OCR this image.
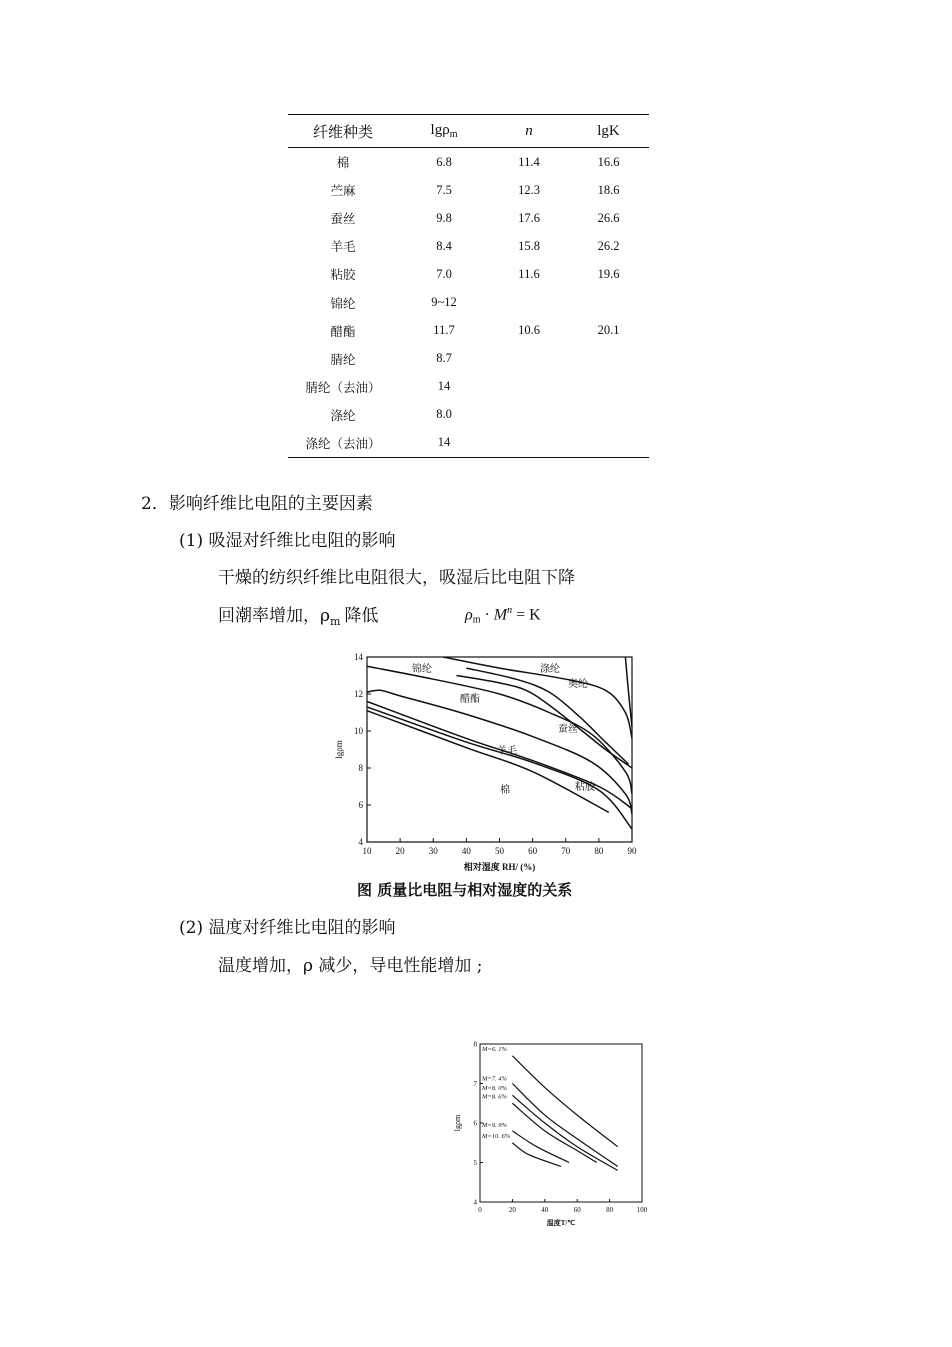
纤维种类	lgρ$_m$	n	lgK
棉	6.8	11.4	16.6
苎麻	7.5	12.3	18.6
蚕丝	9.8	17.6	26.6
羊毛	8.4	15.8	26.2
粘胶	7.0	11.6	19.6
锦纶	9~12		
醋酯	11.7	10.6	20.1
腈纶	8.7		
腈纶（去油）	14		
涤纶	8.0		
涤纶（去油）	14		
2．影响纤维比电阻的主要因素
(1) 吸湿对纤维比电阻的影响
干燥的纺织纤维比电阻很大，吸湿后比电阻下降
回潮率增加，$\rho_m$ 降低	$\rho m \cdot M^n = K$
10	20	30	40	50	60	70	80	90
4
6
8
10
12
14
相对湿度 RH/ (%)
lgρm
锦纶	涤纶
奥纶
醋酯
蚕丝
羊毛
棉	粘胶
图 质量比电阻与相对湿度的关系
(2) 温度对纤维比电阻的影响
温度增加，ρ 减少，导电性能增加 ;
0	20	40	60	80	100
4
5
6
7
8
温度T/℃
lgρm
M=6. 1%
M=7. 4%
M=8. 0%
M=8. 6%
M=9. 9%
M=10. 6%
